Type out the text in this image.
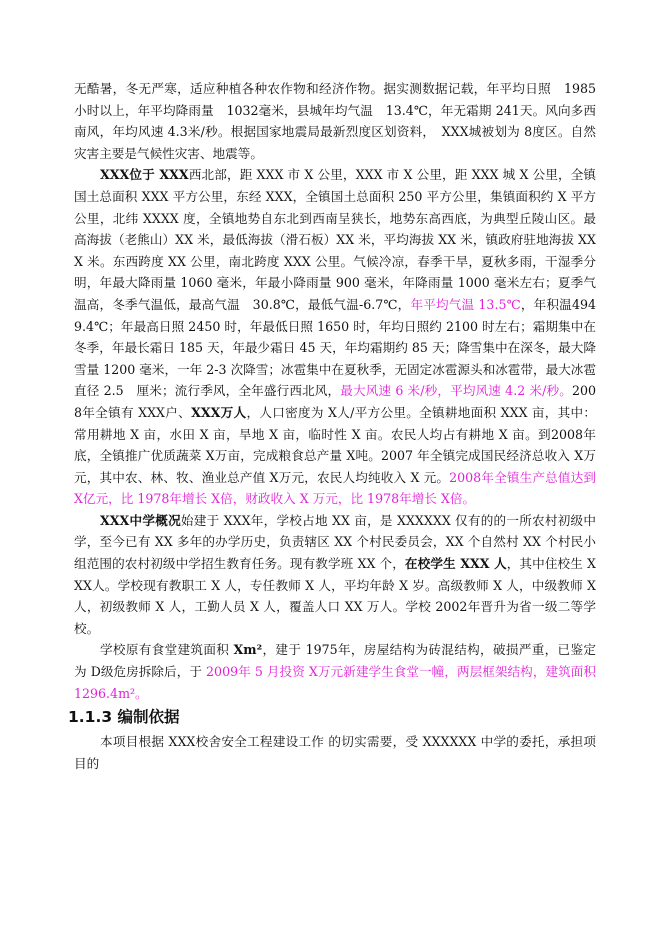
无酷暑，冬无严寒，适应种植各种农作物和经济作物。据实测数据记载，年平均日照　1985小时以上，年平均降雨量　1032毫米，县城年均气温　13.4℃，年无霜期 241天。风向多西南风，年均风速 4.3米/秒。根据国家地震局最新烈度区划资料，　XXX城被划为 8度区。自然灾害主要是气候性灾害、地震等。

XXX位于 XXX西北部，距 XXX 市 X 公里，XXX 市 X 公里，距 XXX 城 X 公里，全镇国土总面积 XXX 平方公里，东经 XXX，全镇国土总面积 250 平方公里，集镇面积约 X 平方公里，北纬 XXXX 度，全镇地势自东北到西南呈狭长，地势东高西底，为典型丘陵山区。最高海拔（老熊山）XX 米，最低海拔（滑石板）XX 米，平均海拔 XX 米，镇政府驻地海拔 XXX 米。东西跨度 XX 公里，南北跨度 XXX 公里。气候冷凉，春季干旱，夏秋多雨，干湿季分明，年最大降雨量 1060 毫米，年最小降雨量 900 毫米，年降雨量 1000 毫米左右；夏季气温高，冬季气温低，最高气温　30.8℃，最低气温-6.7℃，年平均气温 13.5℃，年积温4949.4℃；年最高日照 2450 时，年最低日照 1650 时，年均日照约 2100 时左右；霜期集中在冬季，年最长霜日 185 天，年最少霜日 45 天，年均霜期约 85 天；降雪集中在深冬，最大降雪量 1200 毫米，一年 2-3 次降雪；冰雹集中在夏秋季，无固定冰雹源头和冰雹带，最大冰雹直径 2.5　厘米；流行季风，全年盛行西北风，最大风速 6 米/秒，平均风速 4.2 米/秒。2008年全镇有 XXX户、XXX万人，人口密度为 X人/平方公里。全镇耕地面积 XXX 亩，其中：常用耕地 X 亩，水田 X 亩，旱地 X 亩，临时性 X 亩。农民人均占有耕地 X 亩。到2008年底，全镇推广优质蔬菜 X万亩，完成粮食总产量 X吨。2007 年全镇完成国民经济总收入 X万元，其中农、林、牧、渔业总产值 X万元，农民人均纯收入 X 元。2008年全镇生产总值达到 X亿元，比 1978年增长 X倍，财政收入 X 万元，比 1978年增长 X倍。

XXX中学概况始建于 XXX年，学校占地 XX 亩，是 XXXXXX 仅有的的一所农村初级中学，至今已有 XX 多年的办学历史，负责辖区 XX 个村民委员会，XX 个自然村 XX 个村民小组范围的农村初级中学招生教育任务。现有教学班 XX 个，在校学生 XXX 人，其中住校生 XXX人。学校现有教职工 X 人，专任教师 X 人，平均年龄 X 岁。高级教师 X 人，中级教师 X 人，初级教师 X 人，工勤人员 X 人，覆盖人口 XX 万人。学校 2002年晋升为省一级二等学校。

学校原有食堂建筑面积 Xm²，建于 1975年，房屋结构为砖混结构，破损严重，已鉴定为 D级危房拆除后，于 2009年 5 月投资 X万元新建学生食堂一幢，两层框架结构，建筑面积 1296.4m²。

1.1.3 编制依据

本项目根据 XXX校舍安全工程建设工作 的切实需要，受 XXXXXX 中学的委托，承担项目的
